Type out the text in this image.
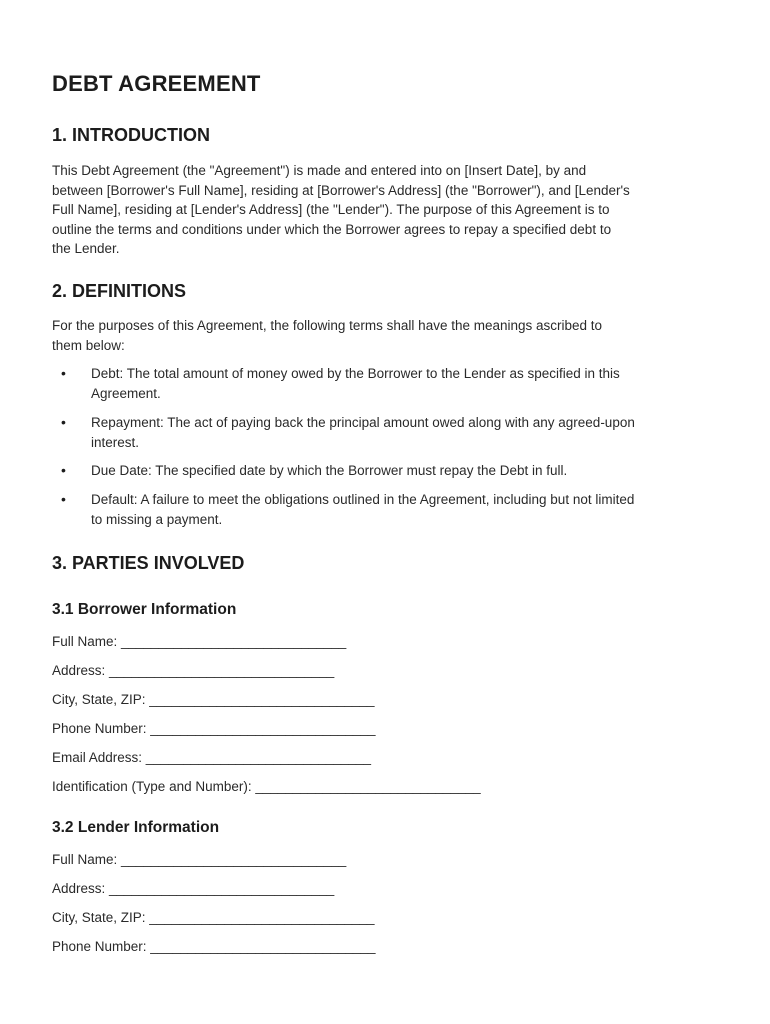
DEBT AGREEMENT
1. INTRODUCTION

This Debt Agreement (the "Agreement") is made and entered into on [Insert Date], by and
between [Borrower's Full Name], residing at [Borrower's Address] (the "Borrower"), and [Lender's
Full Name], residing at [Lender's Address] (the "Lender"). The purpose of this Agreement is to
outline the terms and conditions under which the Borrower agrees to repay a specified debt to
the Lender.

2. DEFINITIONS

For the purposes of this Agreement, the following terms shall have the meanings ascribed to
them below:

• Debt: The total amount of money owed by the Borrower to the Lender as specified in this
Agreement.
• Repayment: The act of paying back the principal amount owed along with any agreed-upon
interest.
• Due Date: The specified date by which the Borrower must repay the Debt in full.
• Default: A failure to meet the obligations outlined in the Agreement, including but not limited
to missing a payment.
3. PARTIES INVOLVED
3.1 Borrower Information

Full Name: ______________________________

Address: ______________________________

City, State, ZIP: ______________________________

Phone Number: ______________________________

Email Address: ______________________________

Identification (Type and Number): ______________________________

3.2 Lender Information

Full Name: ______________________________

Address: ______________________________

City, State, ZIP: ______________________________

Phone Number: ______________________________
